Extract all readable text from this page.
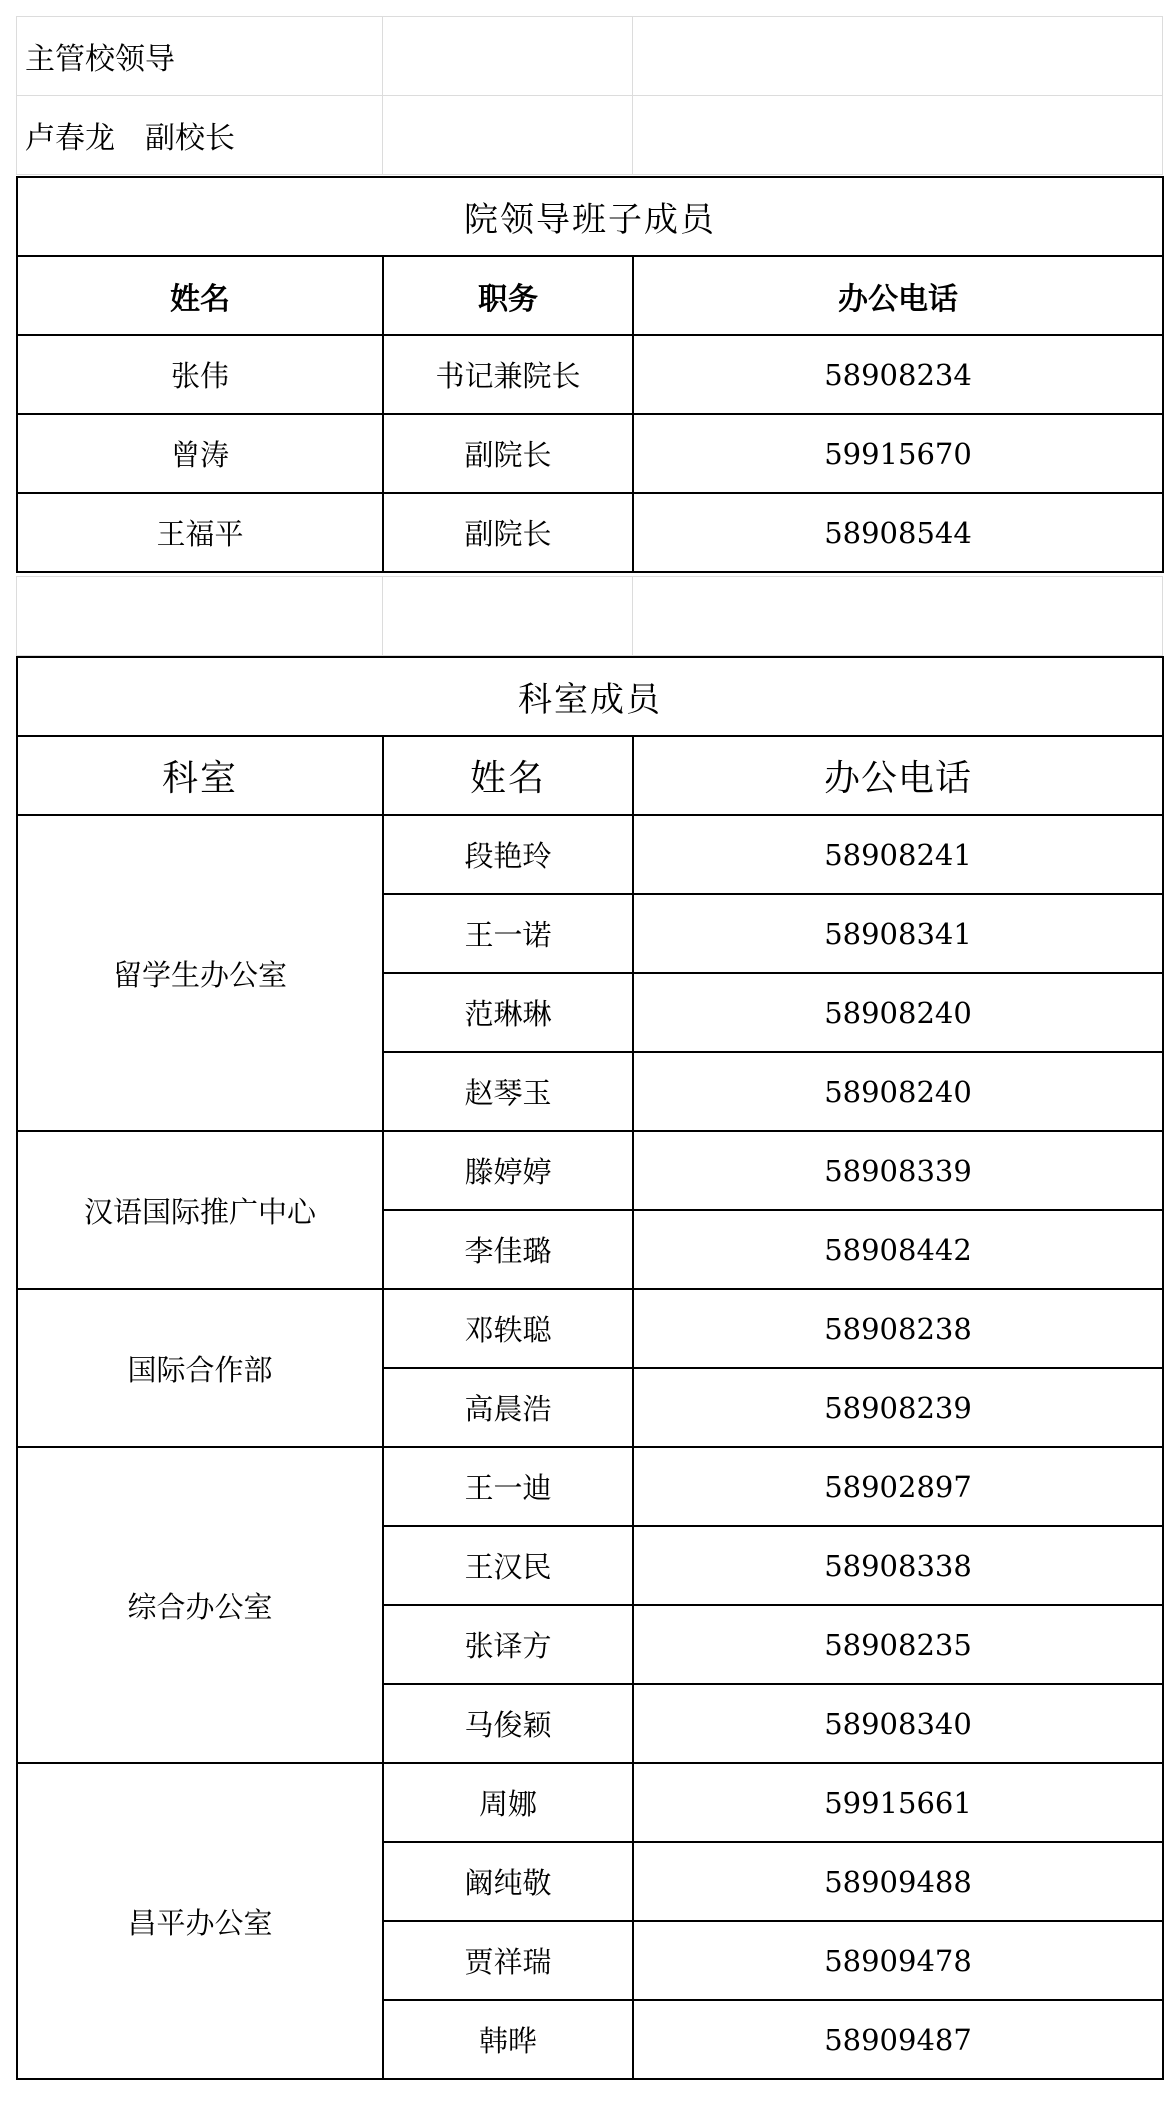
主管校领导		
卢春龙　副校长		
院领导班子成员		
姓名	职务	办公电话
张伟	书记兼院长	58908234
曾涛	副院长	59915670
王福平	副院长	58908544

科室成员		
科室	姓名	办公电话
留学生办公室	段艳玲	58908241
	王一诺	58908341
	范琳琳	58908240
	赵琴玉	58908240
汉语国际推广中心	滕婷婷	58908339
	李佳璐	58908442
国际合作部	邓轶聪	58908238
	高晨浩	58908239
综合办公室	王一迪	58902897
	王汉民	58908338
	张译方	58908235
	马俊颖	58908340
昌平办公室	周娜	59915661
	阚纯敬	58909488
	贾祥瑞	58909478
	韩晔	58909487
